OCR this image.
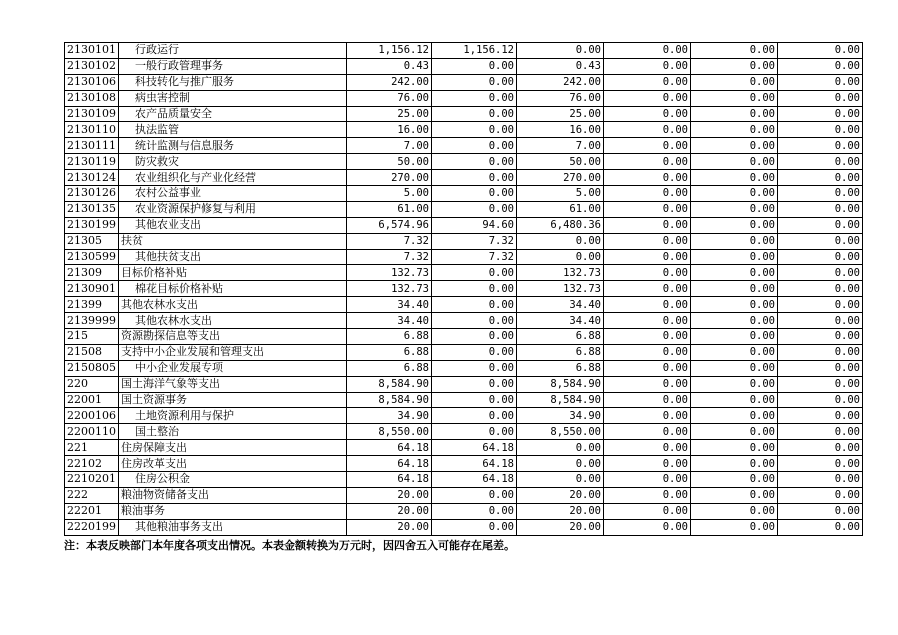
2130101	行政运行	1,156.12	1,156.12	0.00	0.00	0.00	0.00
2130102	一般行政管理事务	0.43	0.00	0.43	0.00	0.00	0.00
2130106	科技转化与推广服务	242.00	0.00	242.00	0.00	0.00	0.00
2130108	病虫害控制	76.00	0.00	76.00	0.00	0.00	0.00
2130109	农产品质量安全	25.00	0.00	25.00	0.00	0.00	0.00
2130110	执法监管	16.00	0.00	16.00	0.00	0.00	0.00
2130111	统计监测与信息服务	7.00	0.00	7.00	0.00	0.00	0.00
2130119	防灾救灾	50.00	0.00	50.00	0.00	0.00	0.00
2130124	农业组织化与产业化经营	270.00	0.00	270.00	0.00	0.00	0.00
2130126	农村公益事业	5.00	0.00	5.00	0.00	0.00	0.00
2130135	农业资源保护修复与利用	61.00	0.00	61.00	0.00	0.00	0.00
2130199	其他农业支出	6,574.96	94.60	6,480.36	0.00	0.00	0.00
21305	扶贫	7.32	7.32	0.00	0.00	0.00	0.00
2130599	其他扶贫支出	7.32	7.32	0.00	0.00	0.00	0.00
21309	目标价格补贴	132.73	0.00	132.73	0.00	0.00	0.00
2130901	棉花目标价格补贴	132.73	0.00	132.73	0.00	0.00	0.00
21399	其他农林水支出	34.40	0.00	34.40	0.00	0.00	0.00
2139999	其他农林水支出	34.40	0.00	34.40	0.00	0.00	0.00
215	资源勘探信息等支出	6.88	0.00	6.88	0.00	0.00	0.00
21508	支持中小企业发展和管理支出	6.88	0.00	6.88	0.00	0.00	0.00
2150805	中小企业发展专项	6.88	0.00	6.88	0.00	0.00	0.00
220	国土海洋气象等支出	8,584.90	0.00	8,584.90	0.00	0.00	0.00
22001	国土资源事务	8,584.90	0.00	8,584.90	0.00	0.00	0.00
2200106	土地资源利用与保护	34.90	0.00	34.90	0.00	0.00	0.00
2200110	国土整治	8,550.00	0.00	8,550.00	0.00	0.00	0.00
221	住房保障支出	64.18	64.18	0.00	0.00	0.00	0.00
22102	住房改革支出	64.18	64.18	0.00	0.00	0.00	0.00
2210201	住房公积金	64.18	64.18	0.00	0.00	0.00	0.00
222	粮油物资储备支出	20.00	0.00	20.00	0.00	0.00	0.00
22201	粮油事务	20.00	0.00	20.00	0.00	0.00	0.00
2220199	其他粮油事务支出	20.00	0.00	20.00	0.00	0.00	0.00
注：本表反映部门本年度各项支出情况。本表金额转换为万元时，因四舍五入可能存在尾差。
